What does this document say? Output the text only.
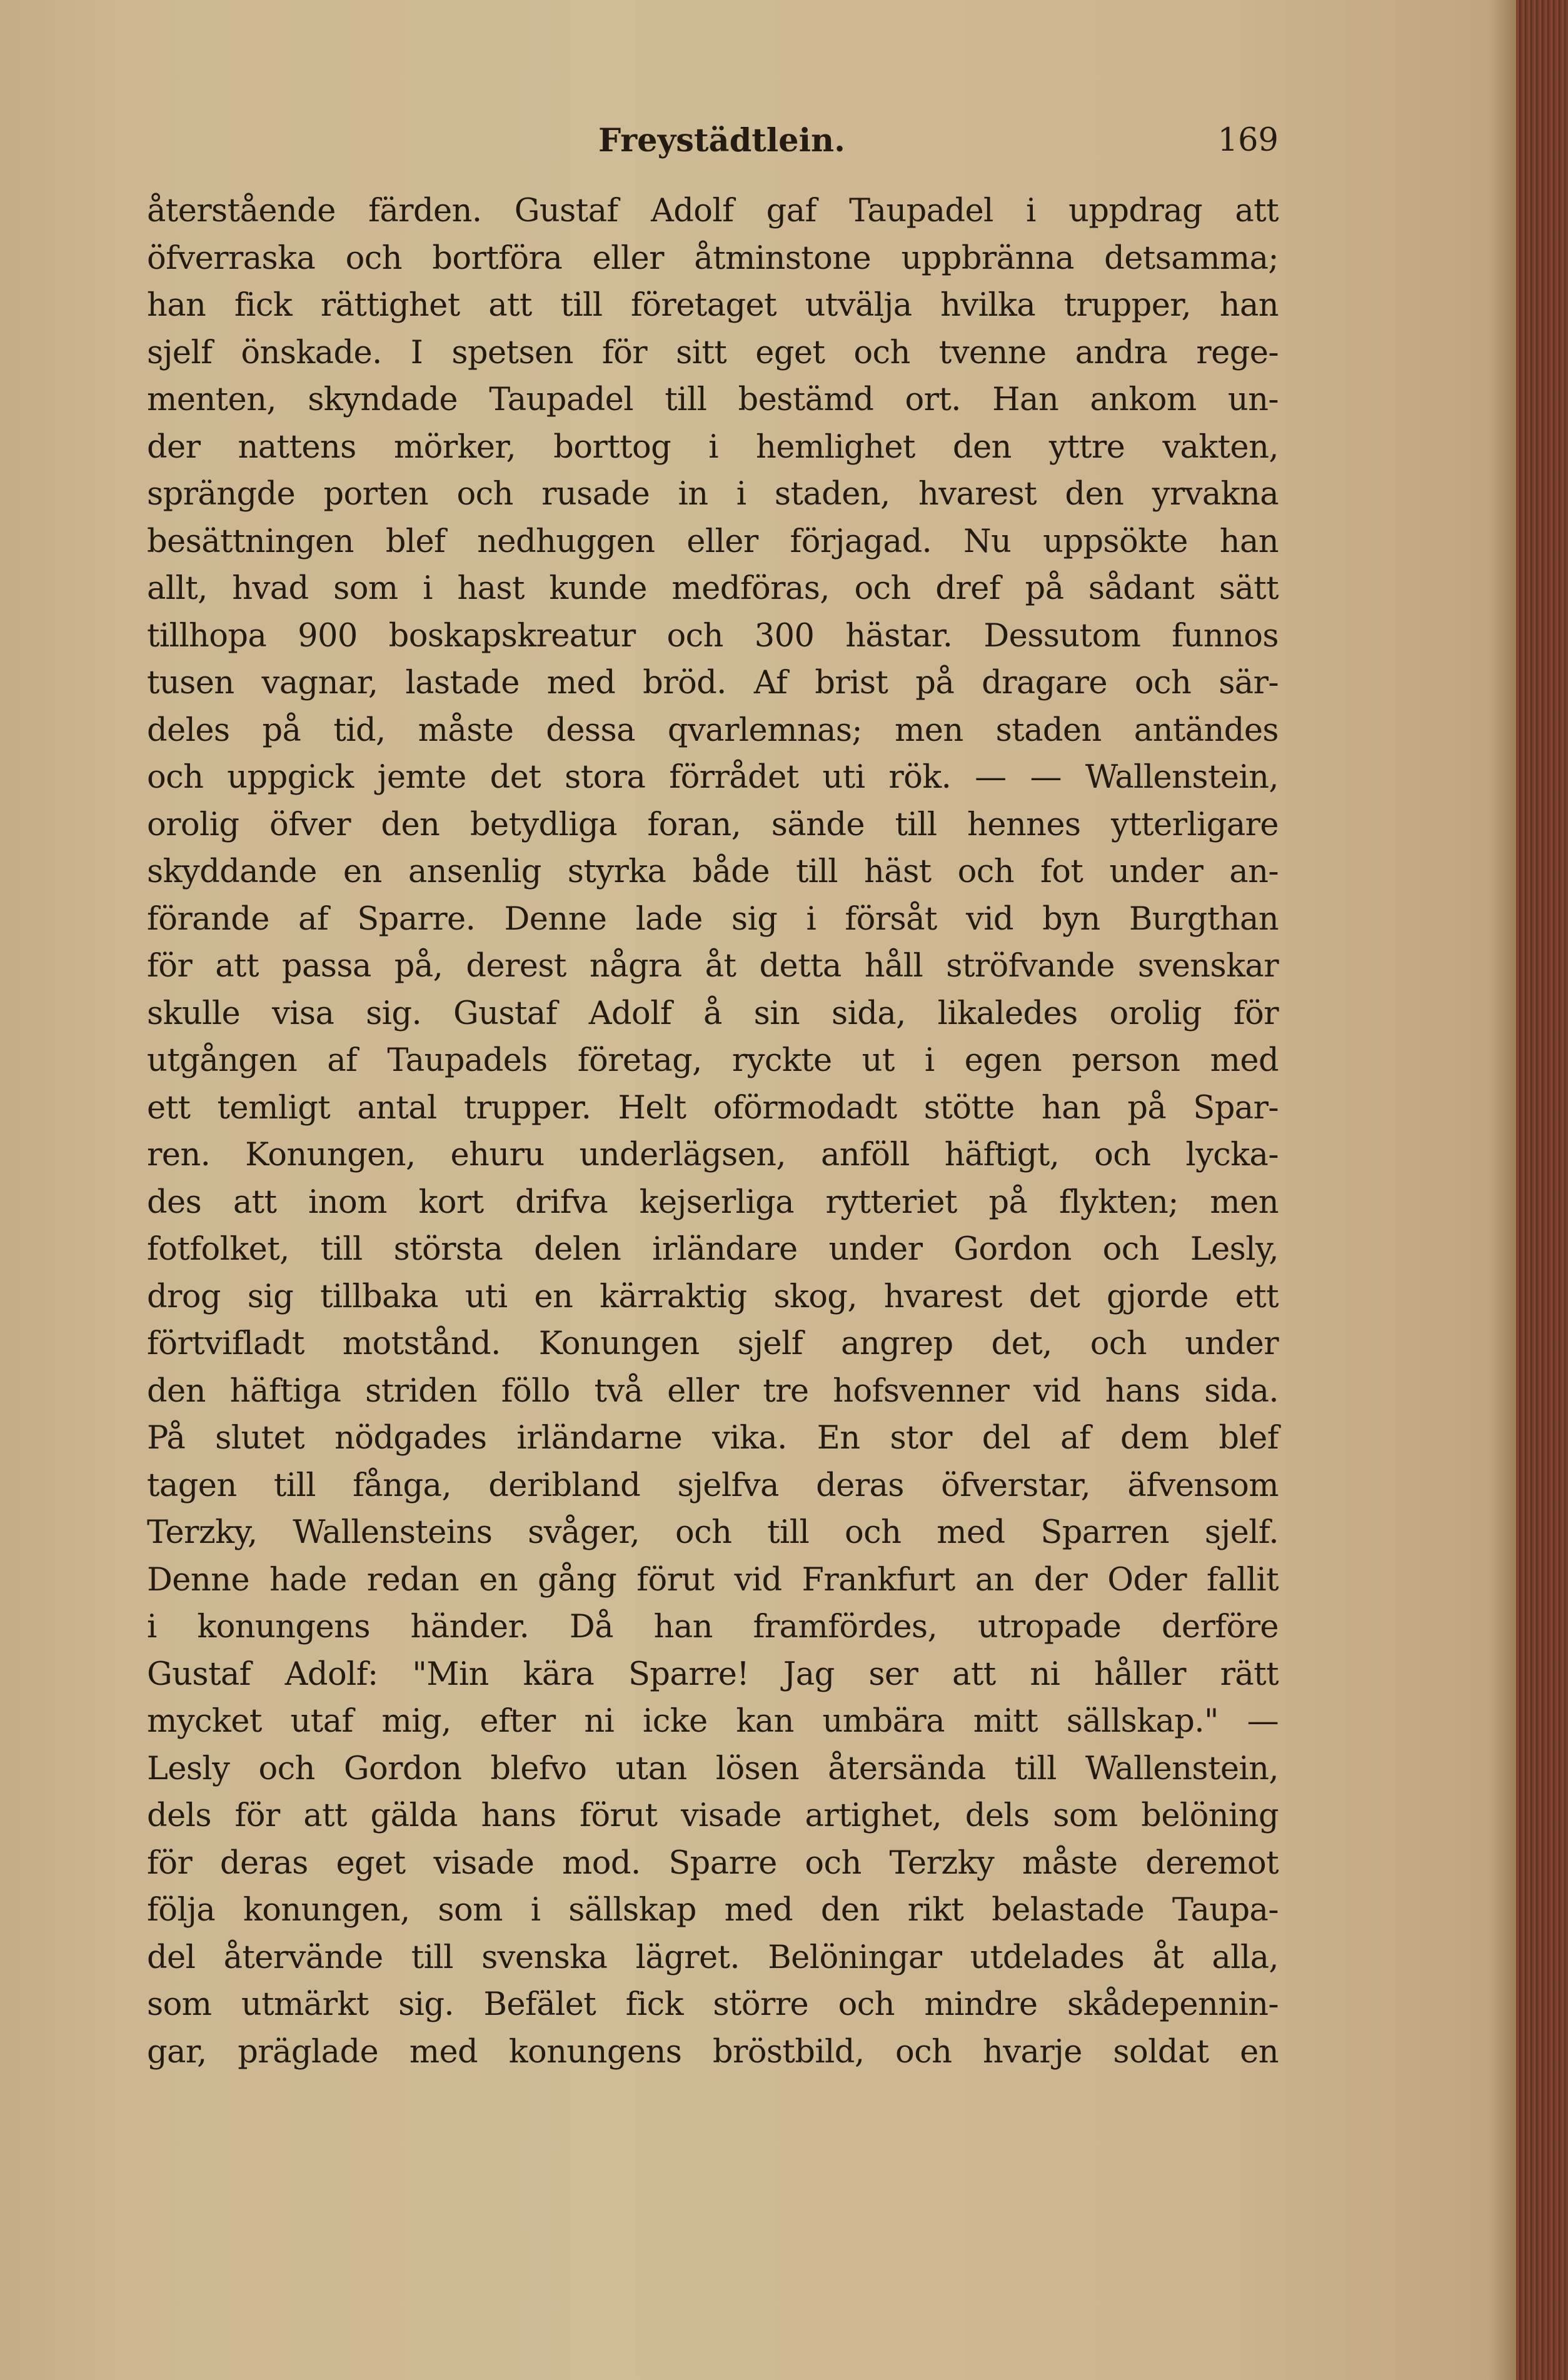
Freystädtlein.	169
återstående färden. Gustaf Adolf gaf Taupadel i uppdrag att
öfverraska och bortföra eller åtminstone uppbränna detsamma;
han fick rättighet att till företaget utvälja hvilka trupper, han
sjelf önskade. I spetsen för sitt eget och tvenne andra rege-
menten, skyndade Taupadel till bestämd ort. Han ankom un-
der nattens mörker, borttog i hemlighet den yttre vakten,
sprängde porten och rusade in i staden, hvarest den yrvakna
besättningen blef nedhuggen eller förjagad. Nu uppsökte han
allt, hvad som i hast kunde medföras, och dref på sådant sätt
tillhopa 900 boskapskreatur och 300 hästar. Dessutom funnos
tusen vagnar, lastade med bröd. Af brist på dragare och sär-
deles på tid, måste dessa qvarlemnas; men staden antändes
och uppgick jemte det stora förrådet uti rök. — — Wallenstein,
orolig öfver den betydliga foran, sände till hennes ytterligare
skyddande en ansenlig styrka både till häst och fot under an-
förande af Sparre. Denne lade sig i försåt vid byn Burgthan
för att passa på, derest några åt detta håll ströfvande svenskar
skulle visa sig. Gustaf Adolf å sin sida, likaledes orolig för
utgången af Taupadels företag, ryckte ut i egen person med
ett temligt antal trupper. Helt oförmodadt stötte han på Spar-
ren. Konungen, ehuru underlägsen, anföll häftigt, och lycka-
des att inom kort drifva kejserliga rytteriet på flykten; men
fotfolket, till största delen irländare under Gordon och Lesly,
drog sig tillbaka uti en kärraktig skog, hvarest det gjorde ett
förtvifladt motstånd. Konungen sjelf angrep det, och under
den häftiga striden föllo två eller tre hofsvenner vid hans sida.
På slutet nödgades irländarne vika. En stor del af dem blef
tagen till fånga, deribland sjelfva deras öfverstar, äfvensom
Terzky, Wallensteins svåger, och till och med Sparren sjelf.
Denne hade redan en gång förut vid Frankfurt an der Oder fallit
i konungens händer. Då han framfördes, utropade derföre
Gustaf Adolf: "Min kära Sparre! Jag ser att ni håller rätt
mycket utaf mig, efter ni icke kan umbära mitt sällskap." —
Lesly och Gordon blefvo utan lösen återsända till Wallenstein,
dels för att gälda hans förut visade artighet, dels som belöning
för deras eget visade mod. Sparre och Terzky måste deremot
följa konungen, som i sällskap med den rikt belastade Taupa-
del återvände till svenska lägret. Belöningar utdelades åt alla,
som utmärkt sig. Befälet fick större och mindre skådepennin-
gar, präglade med konungens bröstbild, och hvarje soldat en
